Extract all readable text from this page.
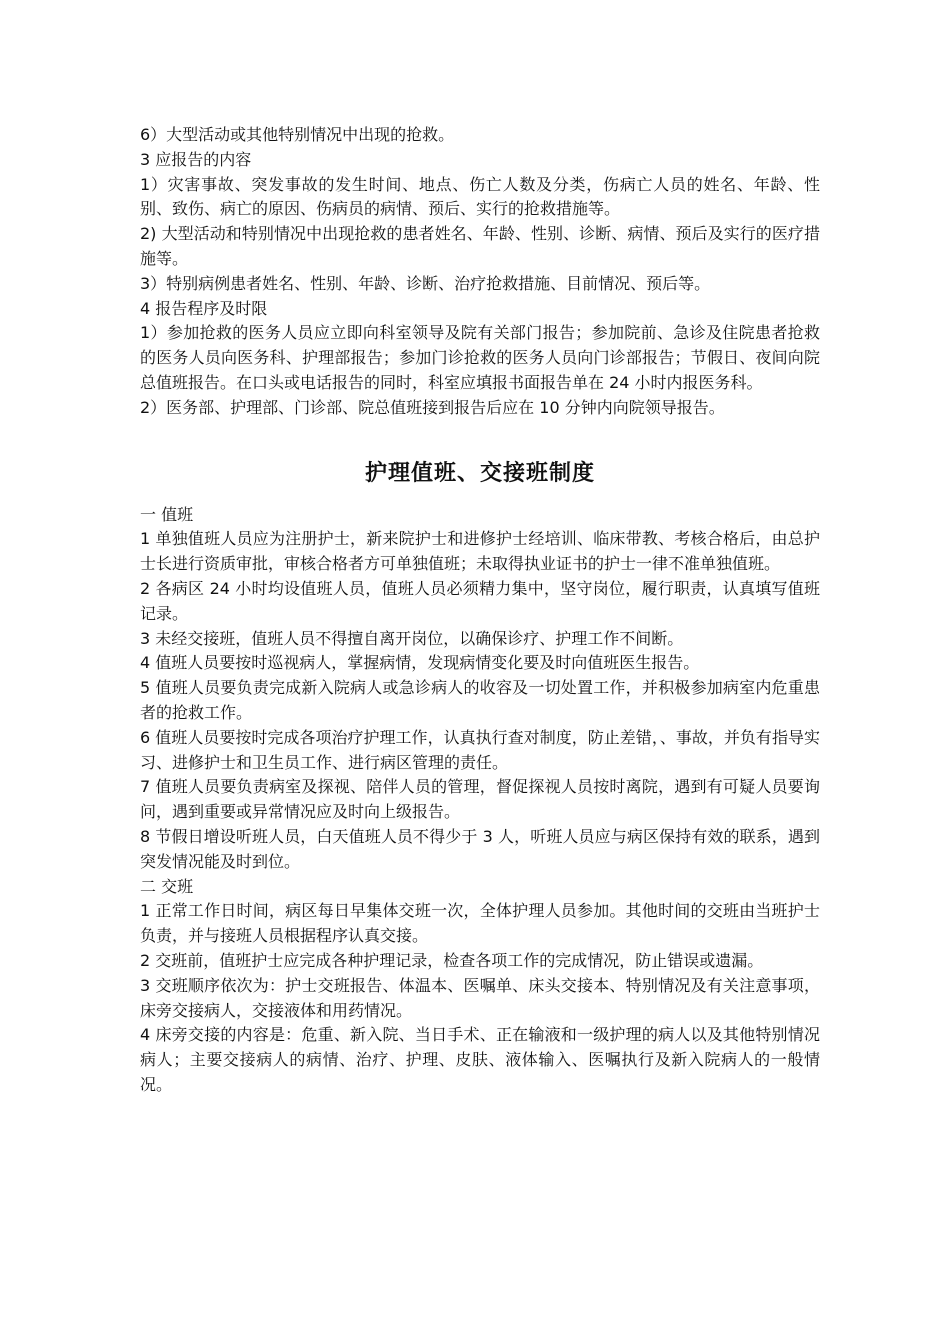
6）大型活动或其他特别情况中出现的抢救。

3 应报告的内容

1）灾害事故、突发事故的发生时间、地点、伤亡人数及分类，伤病亡人员的姓名、年龄、性别、致伤、病亡的原因、伤病员的病情、预后、实行的抢救措施等。

2) 大型活动和特别情况中出现抢救的患者姓名、年龄、性别、诊断、病情、预后及实行的医疗措施等。

3）特别病例患者姓名、性别、年龄、诊断、治疗抢救措施、目前情况、预后等。

4 报告程序及时限

1）参加抢救的医务人员应立即向科室领导及院有关部门报告；参加院前、急诊及住院患者抢救的医务人员向医务科、护理部报告；参加门诊抢救的医务人员向门诊部报告；节假日、夜间向院总值班报告。在口头或电话报告的同时，科室应填报书面报告单在 24 小时内报医务科。

2）医务部、护理部、门诊部、院总值班接到报告后应在 10 分钟内向院领导报告。

护理值班、交接班制度

一 值班

1 单独值班人员应为注册护士，新来院护士和进修护士经培训、临床带教、考核合格后，由总护士长进行资质审批，审核合格者方可单独值班；未取得执业证书的护士一律不准单独值班。

2 各病区 24 小时均设值班人员，值班人员必须精力集中，坚守岗位，履行职责，认真填写值班记录。

3 未经交接班，值班人员不得擅自离开岗位，以确保诊疗、护理工作不间断。

4 值班人员要按时巡视病人，掌握病情，发现病情变化要及时向值班医生报告。

5 值班人员要负责完成新入院病人或急诊病人的收容及一切处置工作，并积极参加病室内危重患者的抢救工作。

6 值班人员要按时完成各项治疗护理工作，认真执行查对制度，防止差错，、事故，并负有指导实习、进修护士和卫生员工作、进行病区管理的责任。

7 值班人员要负责病室及探视、陪伴人员的管理，督促探视人员按时离院，遇到有可疑人员要询问，遇到重要或异常情况应及时向上级报告。

8 节假日增设听班人员，白天值班人员不得少于 3 人，听班人员应与病区保持有效的联系，遇到突发情况能及时到位。

二 交班

1 正常工作日时间，病区每日早集体交班一次，全体护理人员参加。其他时间的交班由当班护士负责，并与接班人员根据程序认真交接。

2 交班前，值班护士应完成各种护理记录，检查各项工作的完成情况，防止错误或遗漏。

3 交班顺序依次为：护士交班报告、体温本、医嘱单、床头交接本、特别情况及有关注意事项，床旁交接病人，交接液体和用药情况。

4 床旁交接的内容是：危重、新入院、当日手术、正在输液和一级护理的病人以及其他特别情况病人；主要交接病人的病情、治疗、护理、皮肤、液体输入、医嘱执行及新入院病人的一般情况。
